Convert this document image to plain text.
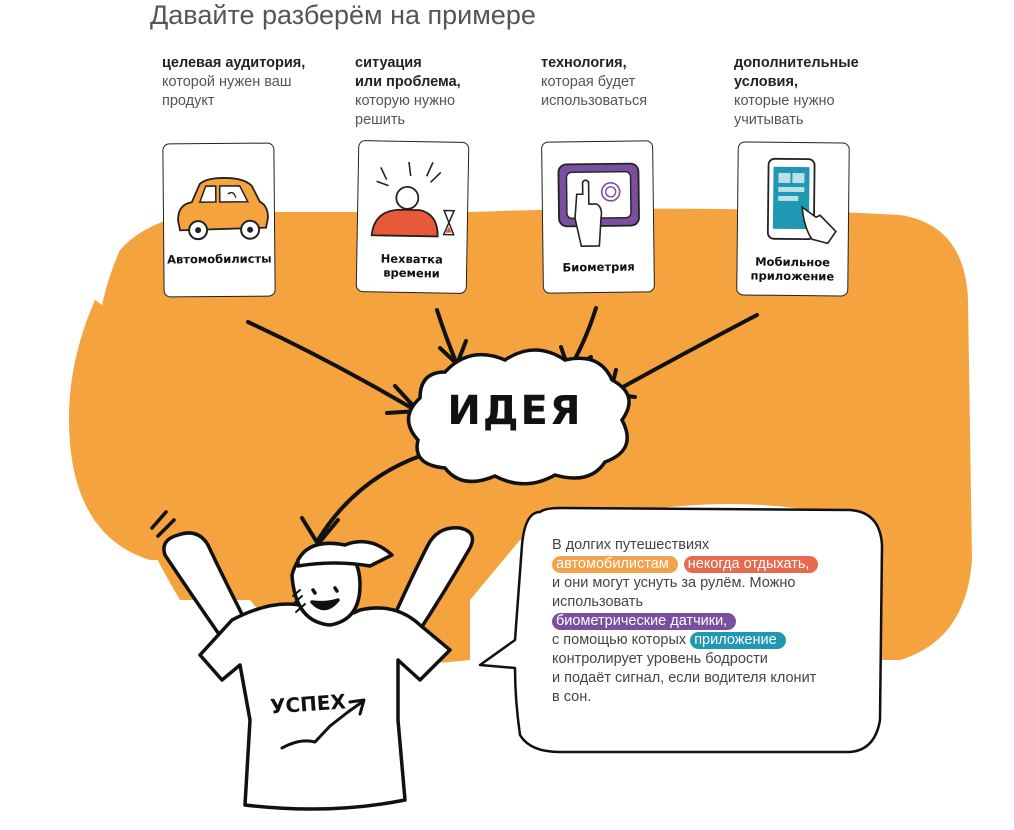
Давайте разберём на примере
целевая аудитория,
которой нужен ваш
продукт
ситуация
или проблема,
которую нужно
решить
технология,
которая будет
использоваться
дополнительные
условия,
которые нужно
учитывать
Автомобилисты	Нехватка
времени	Биометрия	Мобильное
приложение
ИДЕЯ
УСПЕХ
В долгих путешествиях
автомобилистам некогда отдыхать,
и они могут уснуть за рулём. Можно
использовать
биометрические датчики,
с помощью которых приложение
контролирует уровень бодрости
и подаёт сигнал, если водителя клонит
в сон.
